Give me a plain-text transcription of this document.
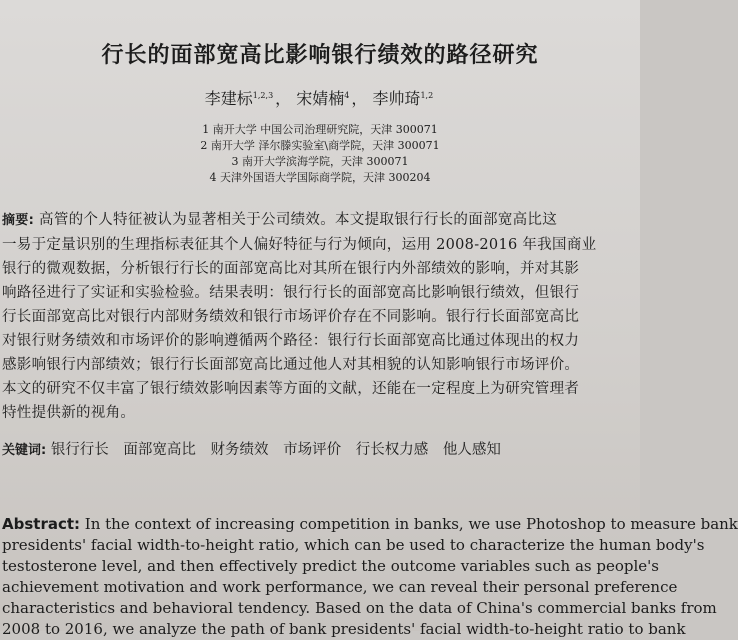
行长的面部宽高比影响银行绩效的路径研究
李建标$^{1,2,3}$ ， 宋婧楠$^4$ ， 李帅琦$^{1,2}$
1 南开大学 中国公司治理研究院，天津 300071
2 南开大学 泽尔滕实验室\商学院，天津 300071
3 南开大学滨海学院，天津 300071
4 天津外国语大学国际商学院，天津 300204

摘要: 高管的个人特征被认为显著相关于公司绩效。本文提取银行行长的面部宽高比这

一易于定量识别的生理指标表征其个人偏好特征与行为倾向，运用 2008-2016 年我国商业

银行的微观数据，分析银行行长的面部宽高比对其所在银行内外部绩效的影响，并对其影

响路径进行了实证和实验检验。结果表明：银行行长的面部宽高比影响银行绩效，但银行

行长面部宽高比对银行内部财务绩效和银行市场评价存在不同影响。银行行长面部宽高比

对银行财务绩效和市场评价的影响遵循两个路径：银行行长面部宽高比通过体现出的权力

感影响银行内部绩效；银行行长面部宽高比通过他人对其相貌的认知影响银行市场评价。

本文的研究不仅丰富了银行绩效影响因素等方面的文献，还能在一定程度上为研究管理者

特性提供新的视角。

关键词: 银行行长 面部宽高比 财务绩效 市场评价 行长权力感 他人感知

Abstract: In the context of increasing competition in banks, we use Photoshop to measure bank

presidents' facial width-to-height ratio, which can be used to characterize the human body's

testosterone level, and then effectively predict the outcome variables such as people's

achievement motivation and work performance, we can reveal their personal preference

characteristics and behavioral tendency. Based on the data of China's commercial banks from

2008 to 2016, we analyze the path of bank presidents' facial width-to-height ratio to bank
